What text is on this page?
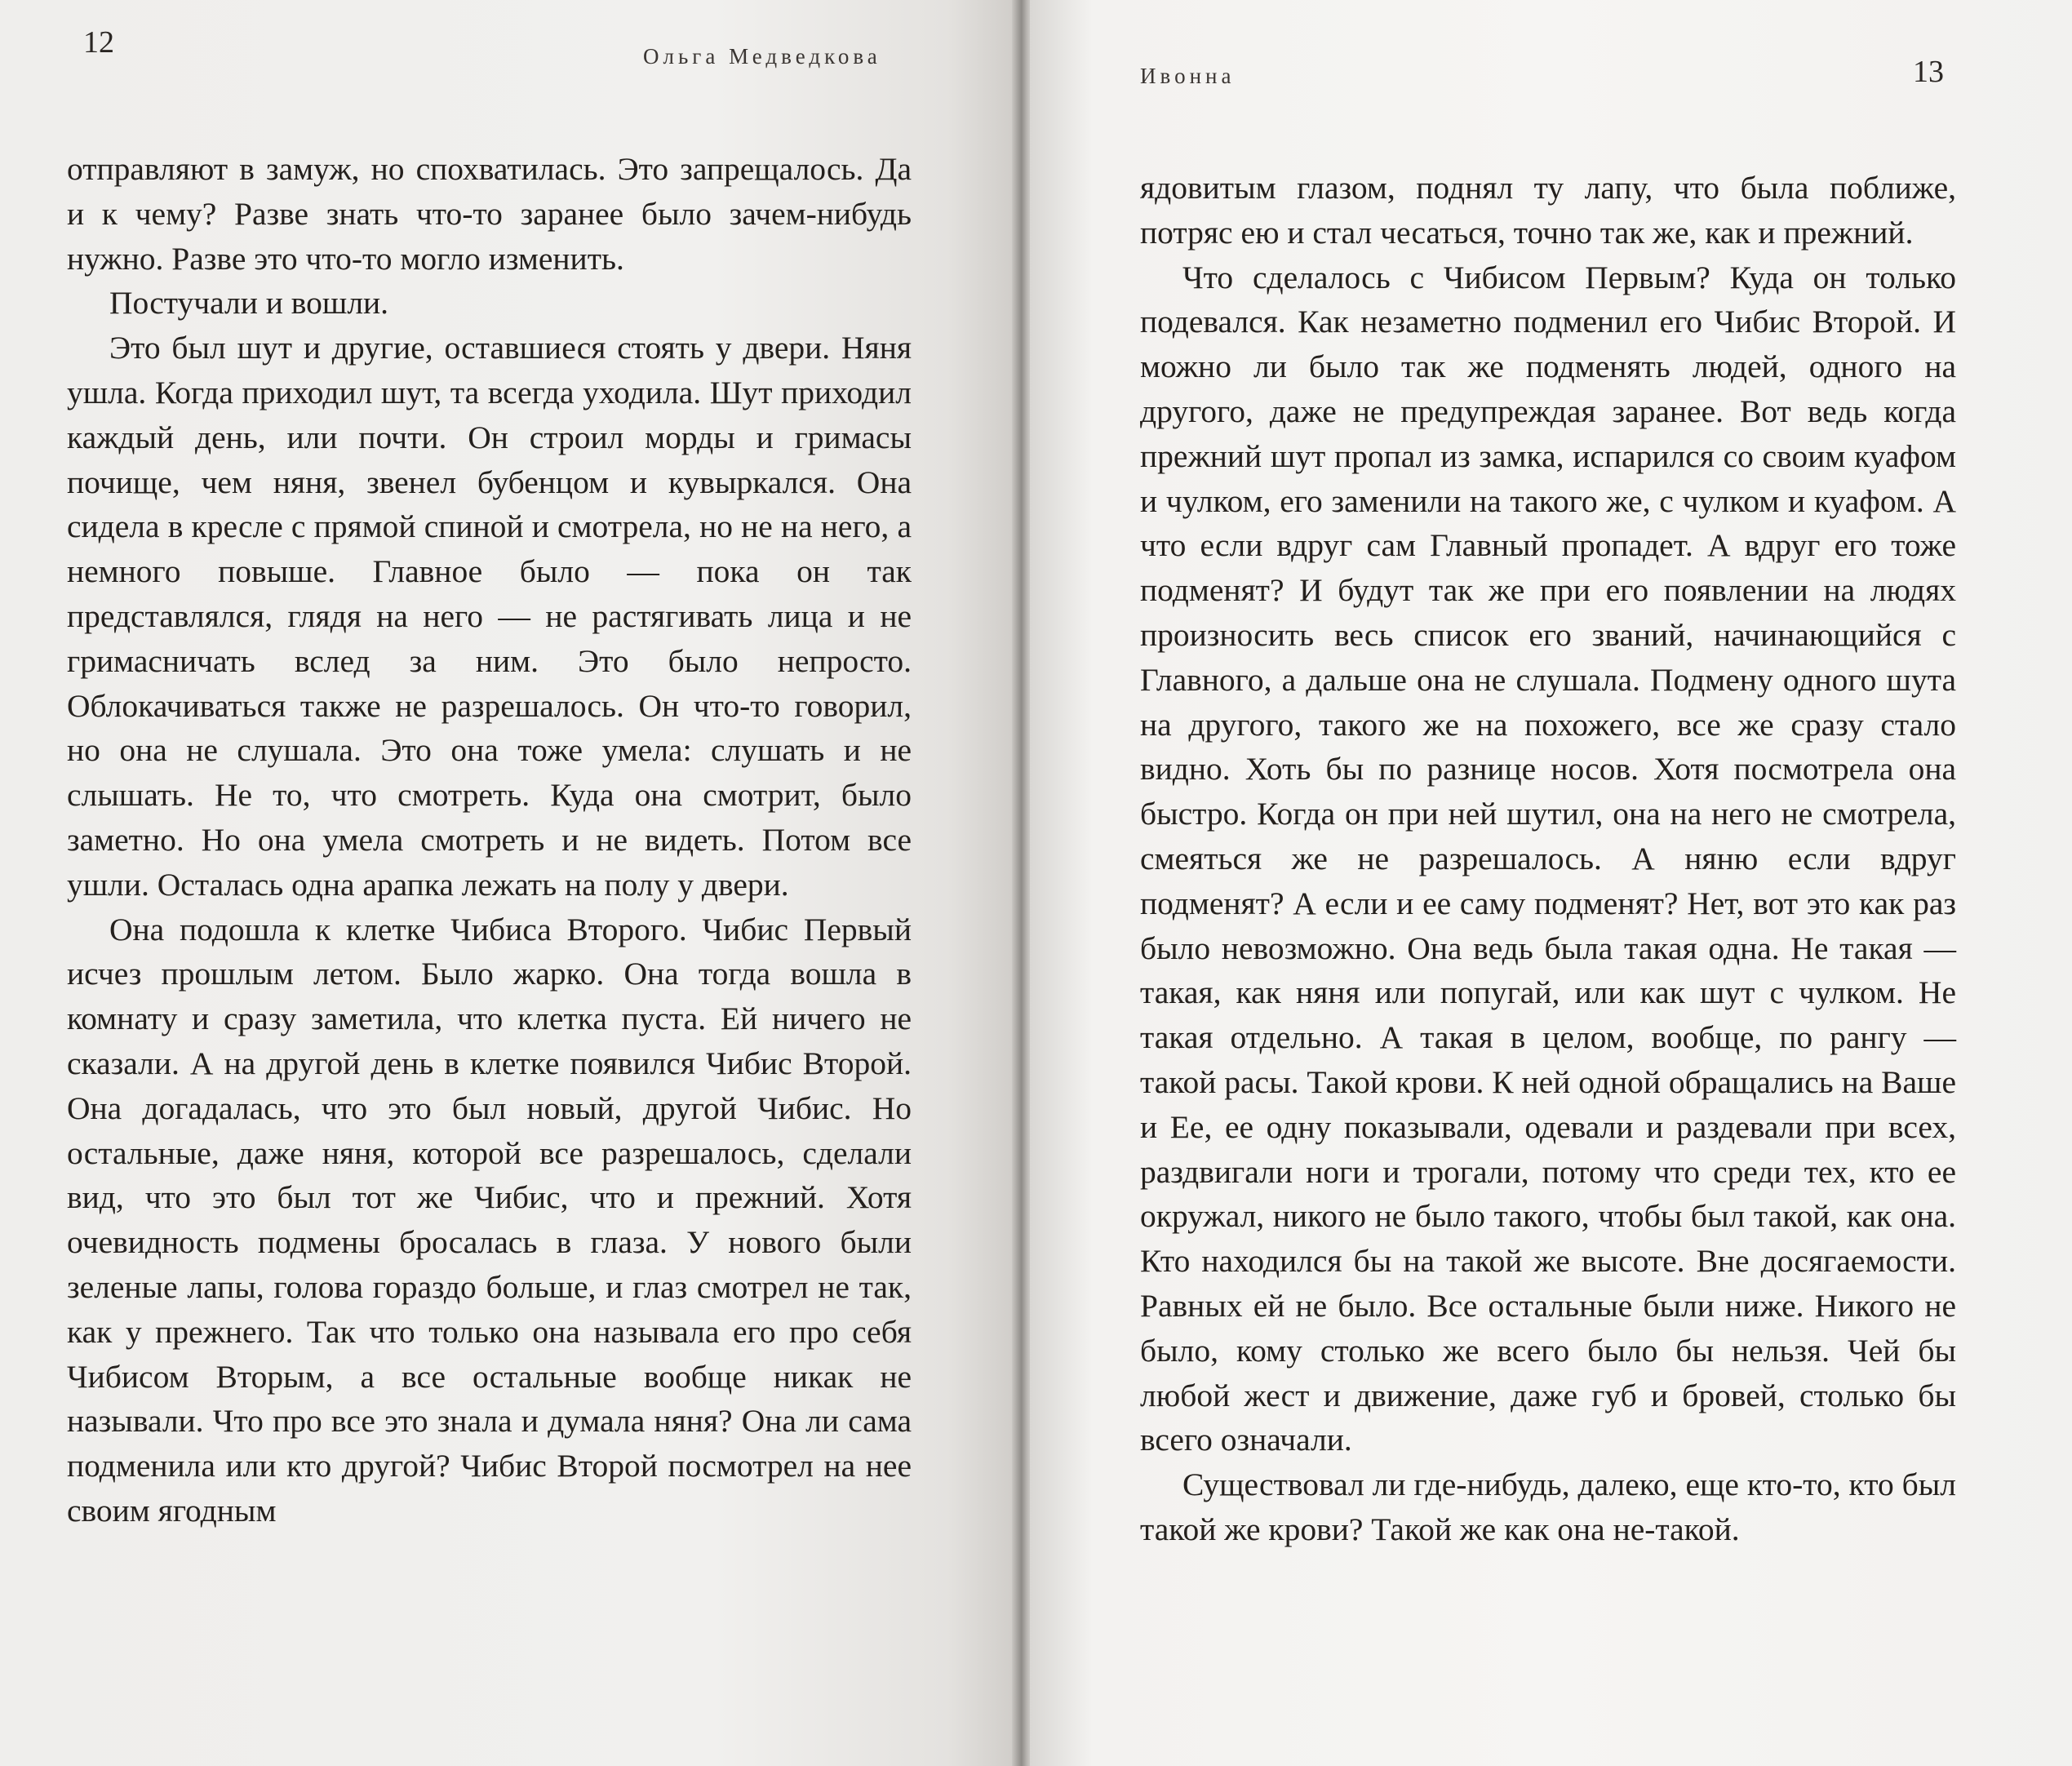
12	Ольга Медведкова

отправляют в замуж, но спохватилась. Это запрещалось. Да и к чему? Разве знать что-то заранее было зачем-нибудь нужно. Разве это что-то могло изменить.

Постучали и вошли.

Это был шут и другие, оставшиеся стоять у двери. Няня ушла. Когда приходил шут, та всегда уходила. Шут приходил каждый день, или почти. Он строил морды и гримасы почище, чем няня, звенел бубенцом и кувыркался. Она сидела в кресле с прямой спиной и смотрела, но не на него, а немного повыше. Главное было — пока он так представлялся, глядя на него — не растягивать лица и не гримасничать вслед за ним. Это было непросто. Облокачиваться также не разрешалось. Он что-то говорил, но она не слушала. Это она тоже умела: слушать и не слышать. Не то, что смотреть. Куда она смотрит, было заметно. Но она умела смотреть и не видеть. Потом все ушли. Осталась одна арапка лежать на полу у двери.

Она подошла к клетке Чибиса Второго. Чибис Первый исчез прошлым летом. Было жарко. Она тогда вошла в комнату и сразу заметила, что клетка пуста. Ей ничего не сказали. А на другой день в клетке появился Чибис Второй. Она догадалась, что это был новый, другой Чибис. Но остальные, даже няня, которой все разрешалось, сделали вид, что это был тот же Чибис, что и прежний. Хотя очевидность подмены бросалась в глаза. У нового были зеленые лапы, голова гораздо больше, и глаз смотрел не так, как у прежнего. Так что только она называла его про себя Чибисом Вторым, а все остальные вообще никак не называли. Что про все это знала и думала няня? Она ли сама подменила или кто другой? Чибис Второй посмотрел на нее своим ягодным

Ивонна	13

ядовитым глазом, поднял ту лапу, что была поближе, потряс ею и стал чесаться, точно так же, как и прежний.

Что сделалось с Чибисом Первым? Куда он только подевался. Как незаметно подменил его Чибис Второй. И можно ли было так же подменять людей, одного на другого, даже не предупреждая заранее. Вот ведь когда прежний шут пропал из замка, испарился со своим куафом и чулком, его заменили на такого же, с чулком и куафом. А что если вдруг сам Главный пропадет. А вдруг его тоже подменят? И будут так же при его появлении на людях произносить весь список его званий, начинающийся с Главного, а дальше она не слушала. Подмену одного шута на другого, такого же на похожего, все же сразу стало видно. Хоть бы по разнице носов. Хотя посмотрела она быстро. Когда он при ней шутил, она на него не смотрела, смеяться же не разрешалось. А няню если вдруг подменят? А если и ее саму подменят? Нет, вот это как раз было невозможно. Она ведь была такая одна. Не такая — такая, как няня или попугай, или как шут с чулком. Не такая отдельно. А такая в целом, вообще, по рангу — такой расы. Такой крови. К ней одной обращались на Ваше и Ее, ее одну показывали, одевали и раздевали при всех, раздвигали ноги и трогали, потому что среди тех, кто ее окружал, никого не было такого, чтобы был такой, как она. Кто находился бы на такой же высоте. Вне досягаемости. Равных ей не было. Все остальные были ниже. Никого не было, кому столько же всего было бы нельзя. Чей бы любой жест и движение, даже губ и бровей, столько бы всего означали.

Существовал ли где-нибудь, далеко, еще кто-то, кто был такой же крови? Такой же как она не-такой.
